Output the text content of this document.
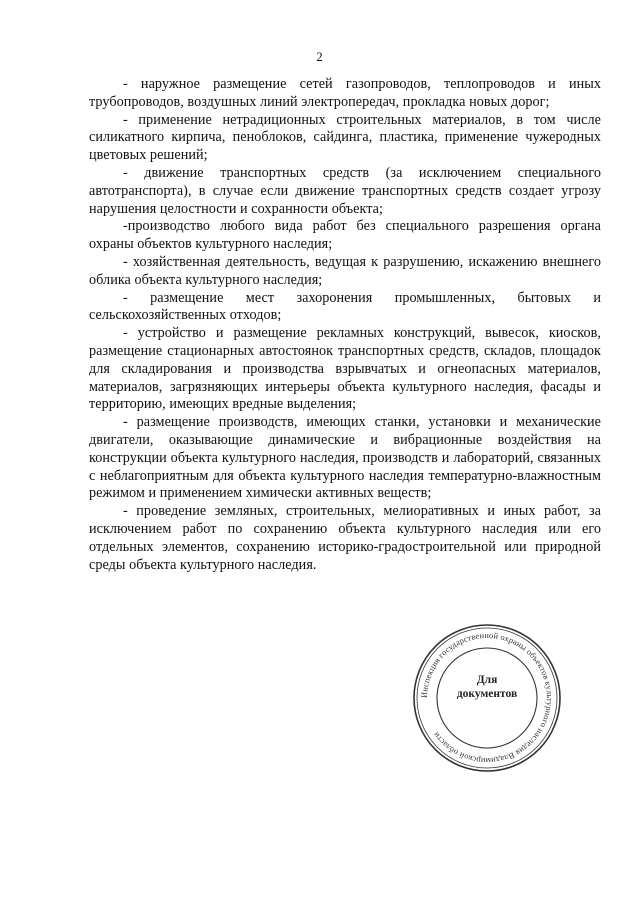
2

- наружное размещение сетей газопроводов, теплопроводов и иных трубопроводов, воздушных линий электропередач, прокладка новых дорог;

- применение нетрадиционных строительных материалов, в том числе силикатного кирпича, пеноблоков, сайдинга, пластика, применение чужеродных цветовых решений;

- движение транспортных средств (за исключением специального автотранспорта), в случае если движение транспортных средств создает угрозу нарушения целостности и сохранности объекта;

-производство любого вида работ без специального разрешения органа охраны объектов культурного наследия;

- хозяйственная деятельность, ведущая к разрушению, искажению внешнего облика объекта культурного наследия;

- размещение мест захоронения промышленных, бытовых и сельскохозяйственных отходов;

- устройство и размещение рекламных конструкций, вывесок, киосков, размещение стационарных автостоянок транспортных средств, складов, площадок для складирования и производства взрывчатых и огнеопасных материалов, материалов, загрязняющих интерьеры объекта культурного наследия, фасады и территорию, имеющих вредные выделения;

- размещение производств, имеющих станки, установки и механические двигатели, оказывающие динамические и вибрационные воздействия на конструкции объекта культурного наследия, производств и лабораторий, связанных с неблагоприятным для объекта культурного наследия температурно-влажностным режимом и применением химически активных веществ;

- проведение земляных, строительных, мелиоративных и иных работ, за исключением работ по сохранению объекта культурного наследия или его отдельных элементов, сохранению историко-градостроительной или природной среды объекта культурного наследия.

Инспекция государственной охраны объектов культурного наследия Владимирской области
Для
документов
